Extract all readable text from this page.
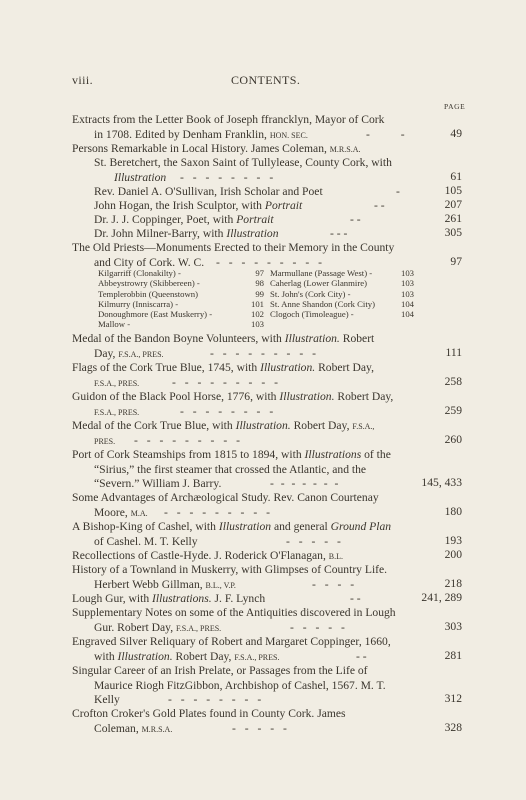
viii.	CONTENTS.
PAGE
Extracts from the Letter Book of Joseph ffrancklyn, Mayor of Cork
in 1708. Edited by Denham Franklin, HON. SEC.	- -	49
Persons Remarkable in Local History. James Coleman, M.R.S.A.
St. Beretchert, the Saxon Saint of Tullylease, County Cork, with
Illustration - - - - - - - -	61
Rev. Daniel A. O'Sullivan, Irish Scholar and Poet	-	105
John Hogan, the Irish Sculptor, with Portrait	- -	207
Dr. J. J. Coppinger, Poet, with Portrait	- -	261
Dr. John Milner-Barry, with Illustration	- - -	305
The Old Priests—Monuments Erected to their Memory in the County
and City of Cork. W. C. - - - - - - - - -	97
Kilgarriff (Clonakilty) -	97
Abbeystrowry (Skibbereen) -	98
Templerobbin (Queenstown)	99
Kilmurry (Inniscarra) -	101
Donoughmore (East Muskerry) -	102
Mallow -	103
Marmullane (Passage West) -	103
Caherlag (Lower Glanmire)	103
St. John's (Cork City) -	103
St. Anne Shandon (Cork City)	104
Clogoch (Timoleague) -	104
Medal of the Bandon Boyne Volunteers, with Illustration. Robert
Day, F.S.A., PRES.	- - - - - - - - -	111
Flags of the Cork True Blue, 1745, with Illustration. Robert Day,
F.S.A., PRES.	- - - - - - - - -	258
Guidon of the Black Pool Horse, 1776, with Illustration. Robert Day,
F.S.A., PRES.	- - - - - - - -	259
Medal of the Cork True Blue, with Illustration. Robert Day, F.S.A.,
PRES. - - - - - - - - -	260
Port of Cork Steamships from 1815 to 1894, with Illustrations of the
“Sirius,” the first steamer that crossed the Atlantic, and the
“Severn.” William J. Barry.	- - - - - - -	145, 433
Some Advantages of Archæological Study. Rev. Canon Courtenay
Moore, M.A. - - - - - - - - -	180
A Bishop-King of Cashel, with Illustration and general Ground Plan
of Cashel. M. T. Kelly	- - - - -	193
Recollections of Castle-Hyde. J. Roderick O'Flanagan, B.L.	200
History of a Townland in Muskerry, with Glimpses of Country Life.
Herbert Webb Gillman, B.L., V.P.	- - - -	218
Lough Gur, with Illustrations. J. F. Lynch	- -	241, 289
Supplementary Notes on some of the Antiquities discovered in Lough
Gur. Robert Day, F.S.A., PRES.	- - - - -	303
Engraved Silver Reliquary of Robert and Margaret Coppinger, 1660,
with Illustration. Robert Day, F.S.A., PRES.	- -	281
Singular Career of an Irish Prelate, or Passages from the Life of
Maurice Riogh FitzGibbon, Archbishop of Cashel, 1567. M. T.
Kelly	- - - - - - - -	312
Crofton Croker's Gold Plates found in County Cork. James
Coleman, M.R.S.A.	- - - - -	328
